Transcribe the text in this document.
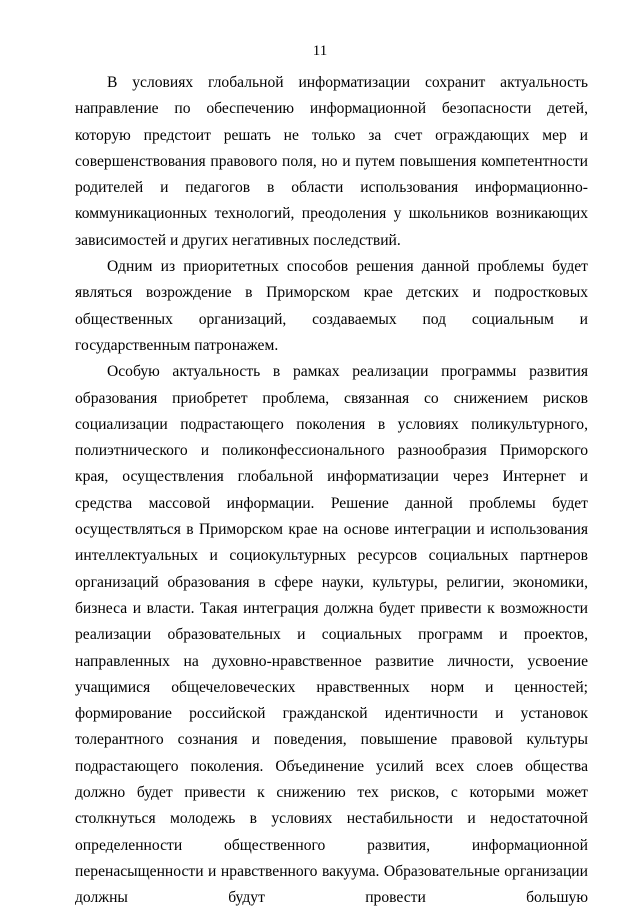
11

В условиях глобальной информатизации сохранит актуальность направление по обеспечению информационной безопасности детей, которую предстоит решать не только за счет ограждающих мер и совершенствования правового поля, но и путем повышения компетентности родителей и педагогов в области использования информационно-коммуникационных технологий, преодоления у школьников возникающих зависимостей и других негативных последствий.

Одним из приоритетных способов решения данной проблемы будет являться возрождение в Приморском крае детских и подростковых общественных организаций, создаваемых под социальным и государственным патронажем.

Особую актуальность в рамках реализации программы развития образования приобретет проблема, связанная со снижением рисков социализации подрастающего поколения в условиях поликультурного, полиэтнического и поликонфессионального разнообразия Приморского края, осуществления глобальной информатизации через Интернет и средства массовой информации. Решение данной проблемы будет осуществляться в Приморском крае на основе интеграции и использования интеллектуальных и социокультурных ресурсов социальных партнеров организаций образования в сфере науки, культуры, религии, экономики, бизнеса и власти. Такая интеграция должна будет привести к возможности реализации образовательных и социальных программ и проектов, направленных на духовно-нравственное развитие личности, усвоение учащимися общечеловеческих нравственных норм и ценностей; формирование российской гражданской идентичности и установок толерантного сознания и поведения, повышение правовой культуры подрастающего поколения. Объединение усилий всех слоев общества должно будет привести к снижению тех рисков, с которыми может столкнуться молодежь в условиях нестабильности и недостаточной определенности общественного развития, информационной перенасыщенности и нравственного вакуума. Образовательные организации должны будут провести большую
